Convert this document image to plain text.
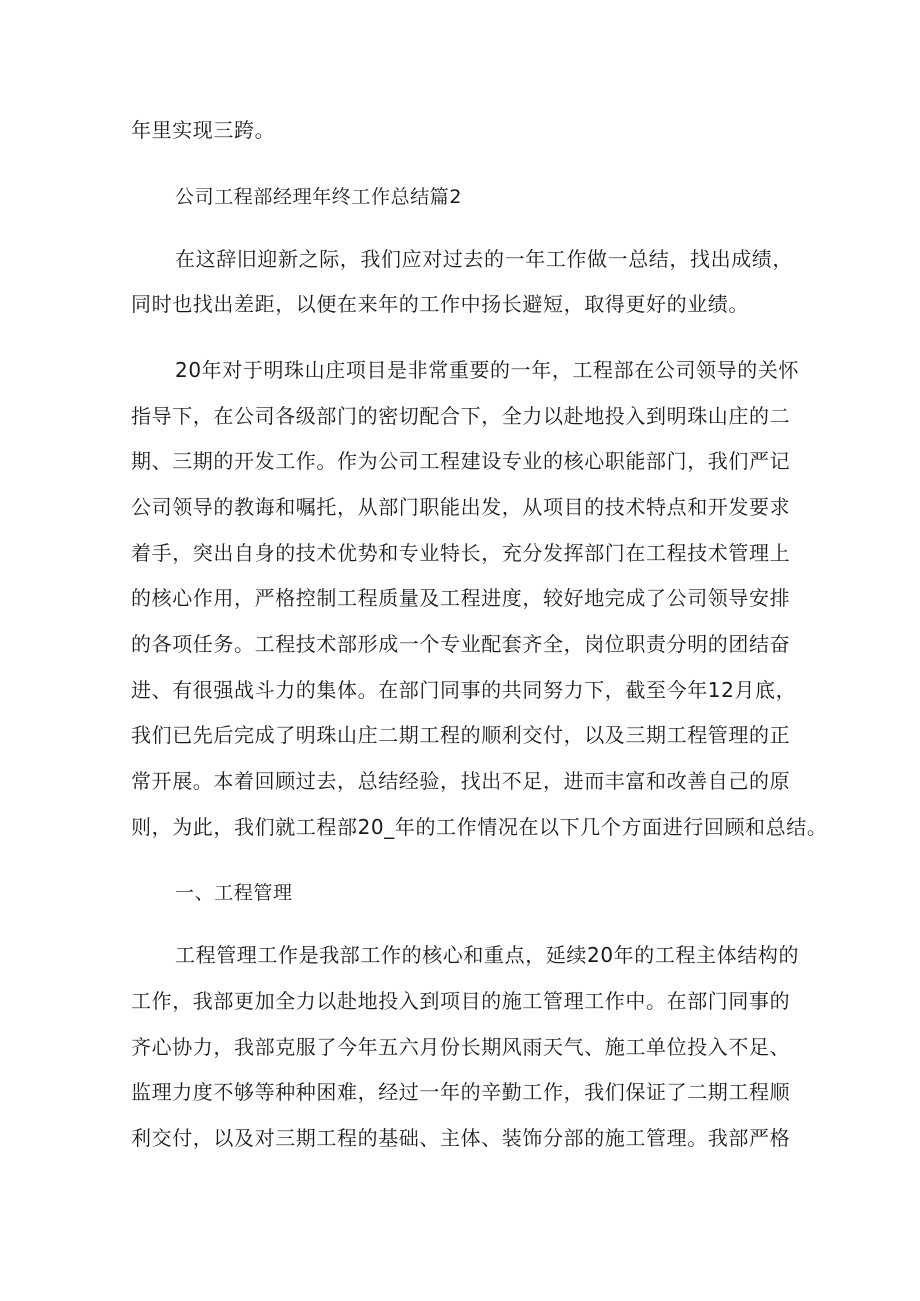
年里实现三跨。
公司工程部经理年终工作总结篇2
在这辞旧迎新之际，我们应对过去的一年工作做一总结，找出成绩，
同时也找出差距，以便在来年的工作中扬长避短，取得更好的业绩。
20年对于明珠山庄项目是非常重要的一年，工程部在公司领导的关怀
指导下，在公司各级部门的密切配合下，全力以赴地投入到明珠山庄的二
期、三期的开发工作。作为公司工程建设专业的核心职能部门，我们严记
公司领导的教诲和嘱托，从部门职能出发，从项目的技术特点和开发要求
着手，突出自身的技术优势和专业特长，充分发挥部门在工程技术管理上
的核心作用，严格控制工程质量及工程进度，较好地完成了公司领导安排
的各项任务。工程技术部形成一个专业配套齐全，岗位职责分明的团结奋
进、有很强战斗力的集体。在部门同事的共同努力下，截至今年12月底，
我们已先后完成了明珠山庄二期工程的顺利交付，以及三期工程管理的正
常开展。本着回顾过去，总结经验，找出不足，进而丰富和改善自己的原
则，为此，我们就工程部20_年的工作情况在以下几个方面进行回顾和总结。
一、工程管理
工程管理工作是我部工作的核心和重点，延续20年的工程主体结构的
工作，我部更加全力以赴地投入到项目的施工管理工作中。在部门同事的
齐心协力，我部克服了今年五六月份长期风雨天气、施工单位投入不足、
监理力度不够等种种困难，经过一年的辛勤工作，我们保证了二期工程顺
利交付，以及对三期工程的基础、主体、装饰分部的施工管理。我部严格
